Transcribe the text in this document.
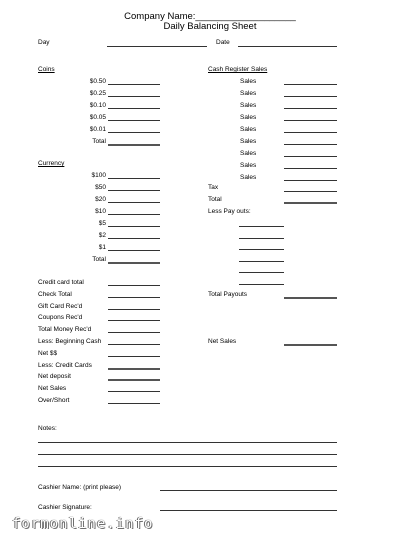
Company Name:___________________
Daily Balancing Sheet
Day	Date
Coins
$0.50
$0.25
$0.10
$0.05
$0.01
Total
Currency
$100
$50
$20
$10
$5
$2
$1
Total
Cash Register Sales
Sales
Sales
Sales
Sales
Sales
Sales
Sales
Sales
Sales
Tax
Total
Less Pay outs:
Total Payouts
Net Sales
Credit card total
Check Total
Gift Card Rec'd
Coupons Rec'd
Total Money Rec'd
Less: Beginning Cash
Net $$
Less: Credit Cards
Net deposit
Net Sales
Over/Short
Notes:
Cashier Name: (print please)
Cashier Signature:
formonline.info
